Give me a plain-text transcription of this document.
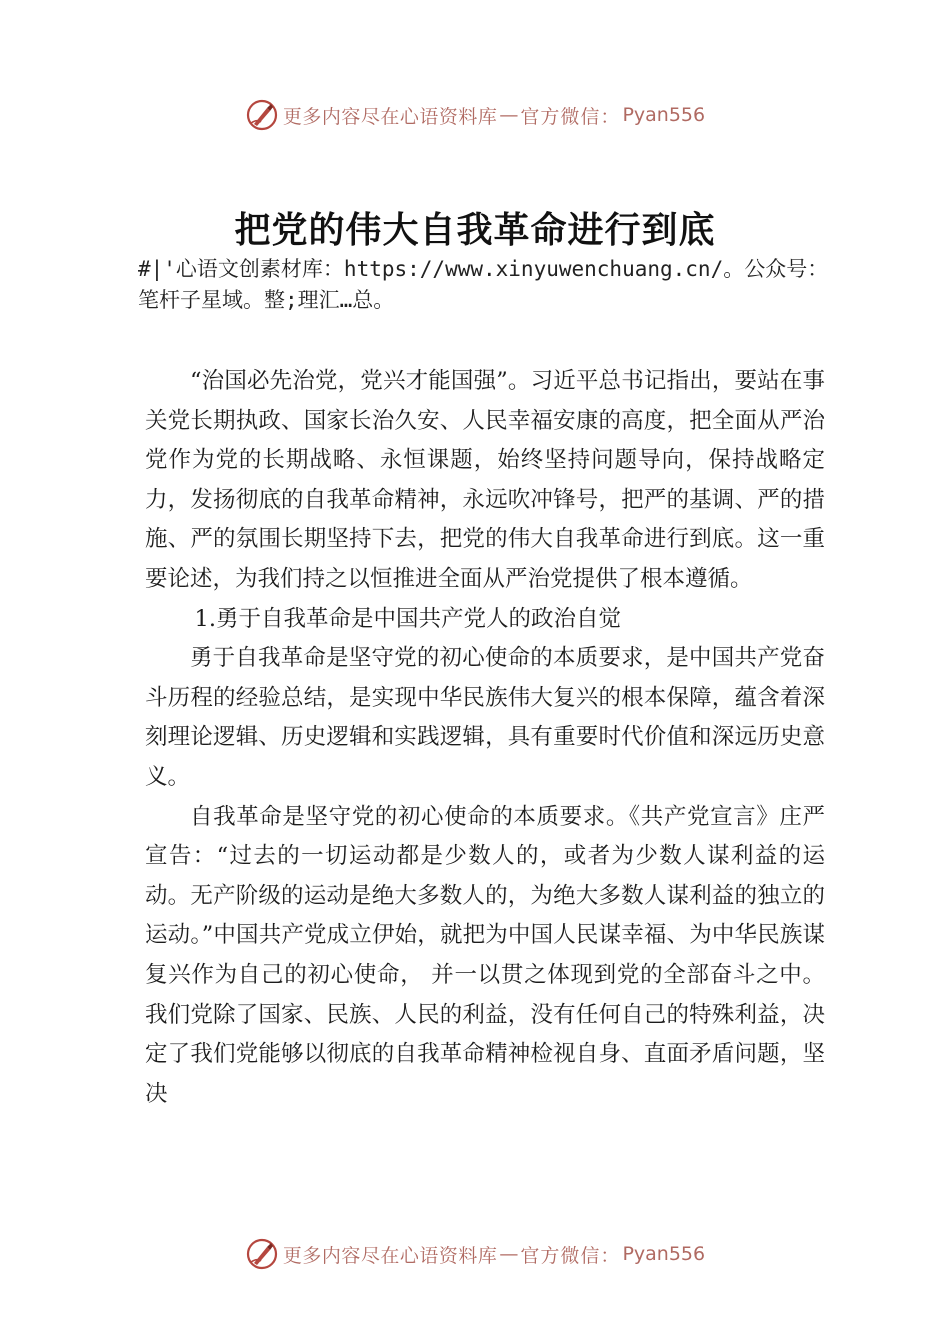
更多内容尽在心语资料库 — 官方微信： Pyan556
把党的伟大自我革命进行到底
#|'心语文创素材库：https://www.xinyuwenchuang.cn/。公众号：笔杆子星域。整;理汇…总。

“治国必先治党，党兴才能国强”。习近平总书记指出，要站在事关党长期执政、国家长治久安、人民幸福安康的高度，把全面从严治党作为党的长期战略、永恒课题，始终坚持问题导向，保持战略定力，发扬彻底的自我革命精神，永远吹冲锋号，把严的基调、严的措施、严的氛围长期坚持下去，把党的伟大自我革命进行到底。这一重要论述，为我们持之以恒推进全面从严治党提供了根本遵循。

1.勇于自我革命是中国共产党人的政治自觉

勇于自我革命是坚守党的初心使命的本质要求，是中国共产党奋斗历程的经验总结，是实现中华民族伟大复兴的根本保障，蕴含着深刻理论逻辑、历史逻辑和实践逻辑，具有重要时代价值和深远历史意义。

自我革命是坚守党的初心使命的本质要求。《共产党宣言》庄严宣告：“过去的一切运动都是少数人的，或者为少数人谋利益的运动。无产阶级的运动是绝大多数人的，为绝大多数人谋利益的独立的运动。”中国共产党成立伊始，就把为中国人民谋幸福、为中华民族谋复兴作为自己的初心使命， 并一以贯之体现到党的全部奋斗之中。我们党除了国家、民族、人民的利益，没有任何自己的特殊利益，决定了我们党能够以彻底的自我革命精神检视自身、直面矛盾问题，坚决

更多内容尽在心语资料库 — 官方微信： Pyan556
